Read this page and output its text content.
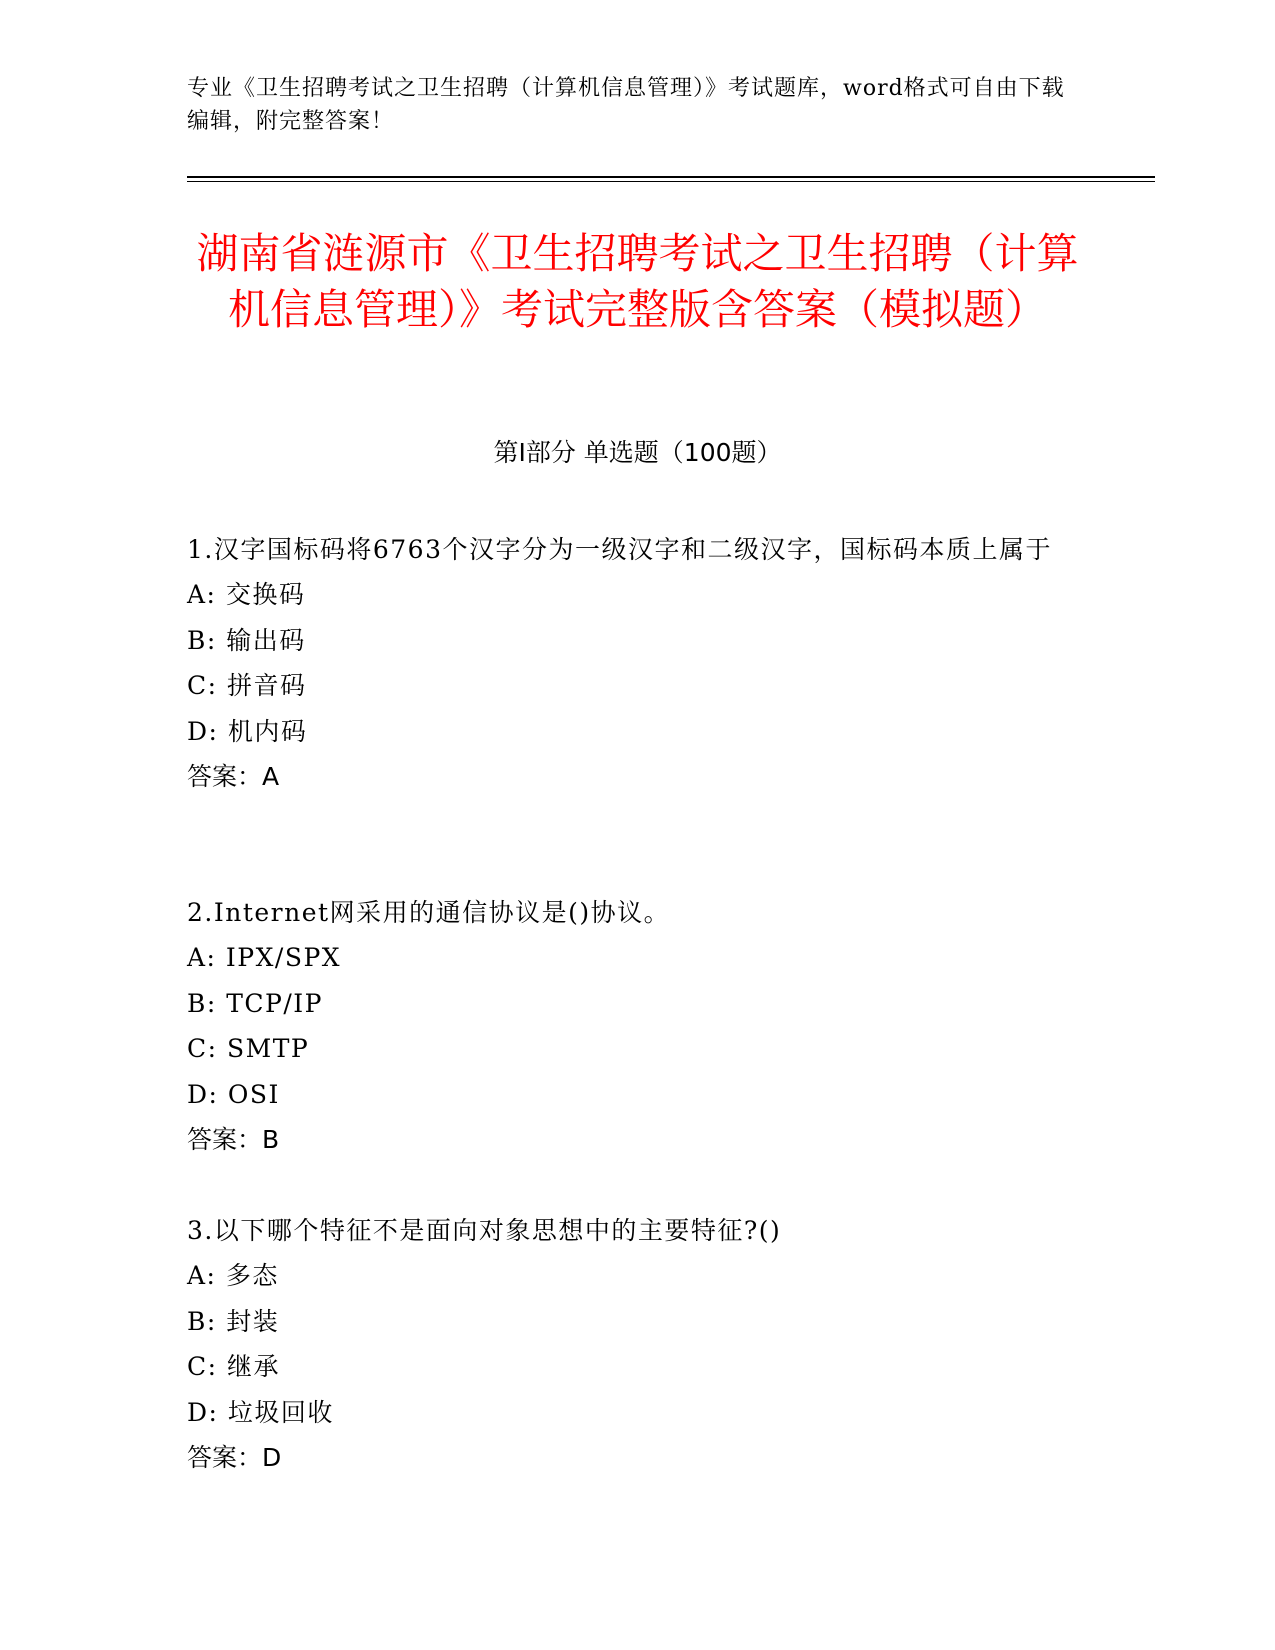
专业《卫生招聘考试之卫生招聘（计算机信息管理）》考试题库，word格式可自由下载编辑，附完整答案！
湖南省涟源市《卫生招聘考试之卫生招聘（计算机信息管理）》考试完整版含答案（模拟题）
第Ⅰ部分 单选题（100题）

1.汉字国标码将6763个汉字分为一级汉字和二级汉字，国标码本质上属于

A: 交换码

B: 输出码

C: 拼音码

D: 机内码

答案：A

2.Internet网采用的通信协议是()协议。

A: IPX/SPX

B: TCP/IP

C: SMTP

D: OSI

答案：B

3.以下哪个特征不是面向对象思想中的主要特征?()

A: 多态

B: 封装

C: 继承

D: 垃圾回收

答案：D
